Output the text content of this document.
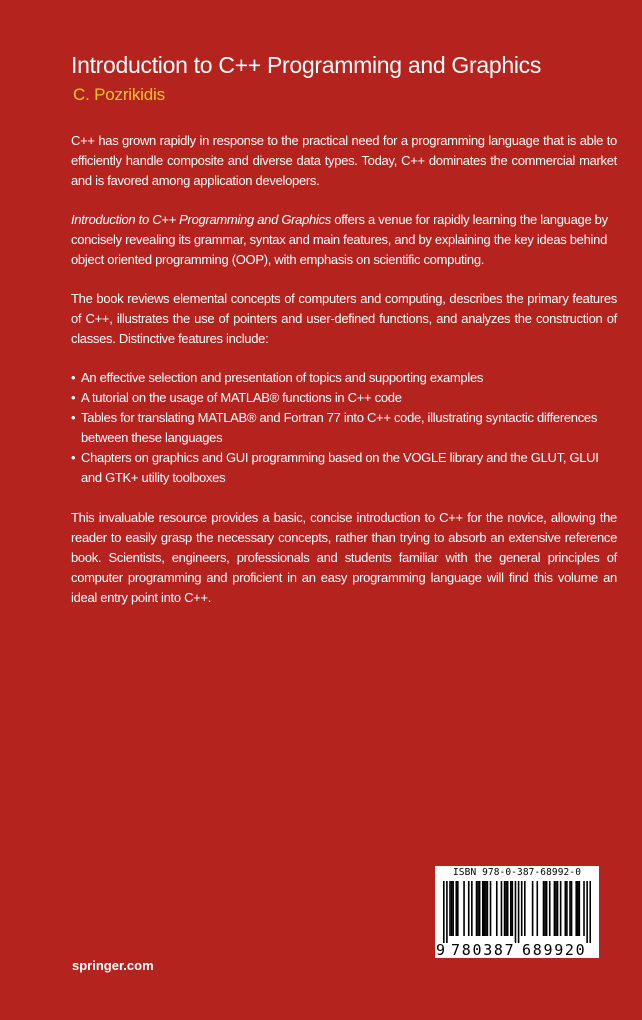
Introduction to C++ Programming and Graphics
C. Pozrikidis

C++ has grown rapidly in response to the practical need for a programming language that is able to efficiently handle composite and diverse data types. Today, C++ dominates the commercial market and is favored among application developers.

Introduction to C++ Programming and Graphics offers a venue for rapidly learning the language by concisely revealing its grammar, syntax and main features, and by explaining the key ideas behind object oriented programming (OOP), with emphasis on scientific computing.

The book reviews elemental concepts of computers and computing, describes the primary features of C++, illustrates the use of pointers and user-defined functions, and analyzes the construction of classes. Distinctive features include:

• An effective selection and presentation of topics and supporting examples
• A tutorial on the usage of MATLAB® functions in C++ code
• Tables for translating MATLAB® and Fortran 77 into C++ code, illustrating syntactic differences between these languages
• Chapters on graphics and GUI programming based on the VOGLE library and the GLUT, GLUI and GTK+ utility toolboxes

This invaluable resource provides a basic, concise introduction to C++ for the novice, allowing the reader to easily grasp the necessary concepts, rather than trying to absorb an extensive reference book. Scientists, engineers, professionals and students familiar with the general principles of computer programming and proficient in an easy programming language will find this volume an ideal entry point into C++.

ISBN 978-0-387-68992-0
9 780387 689920
springer.com
